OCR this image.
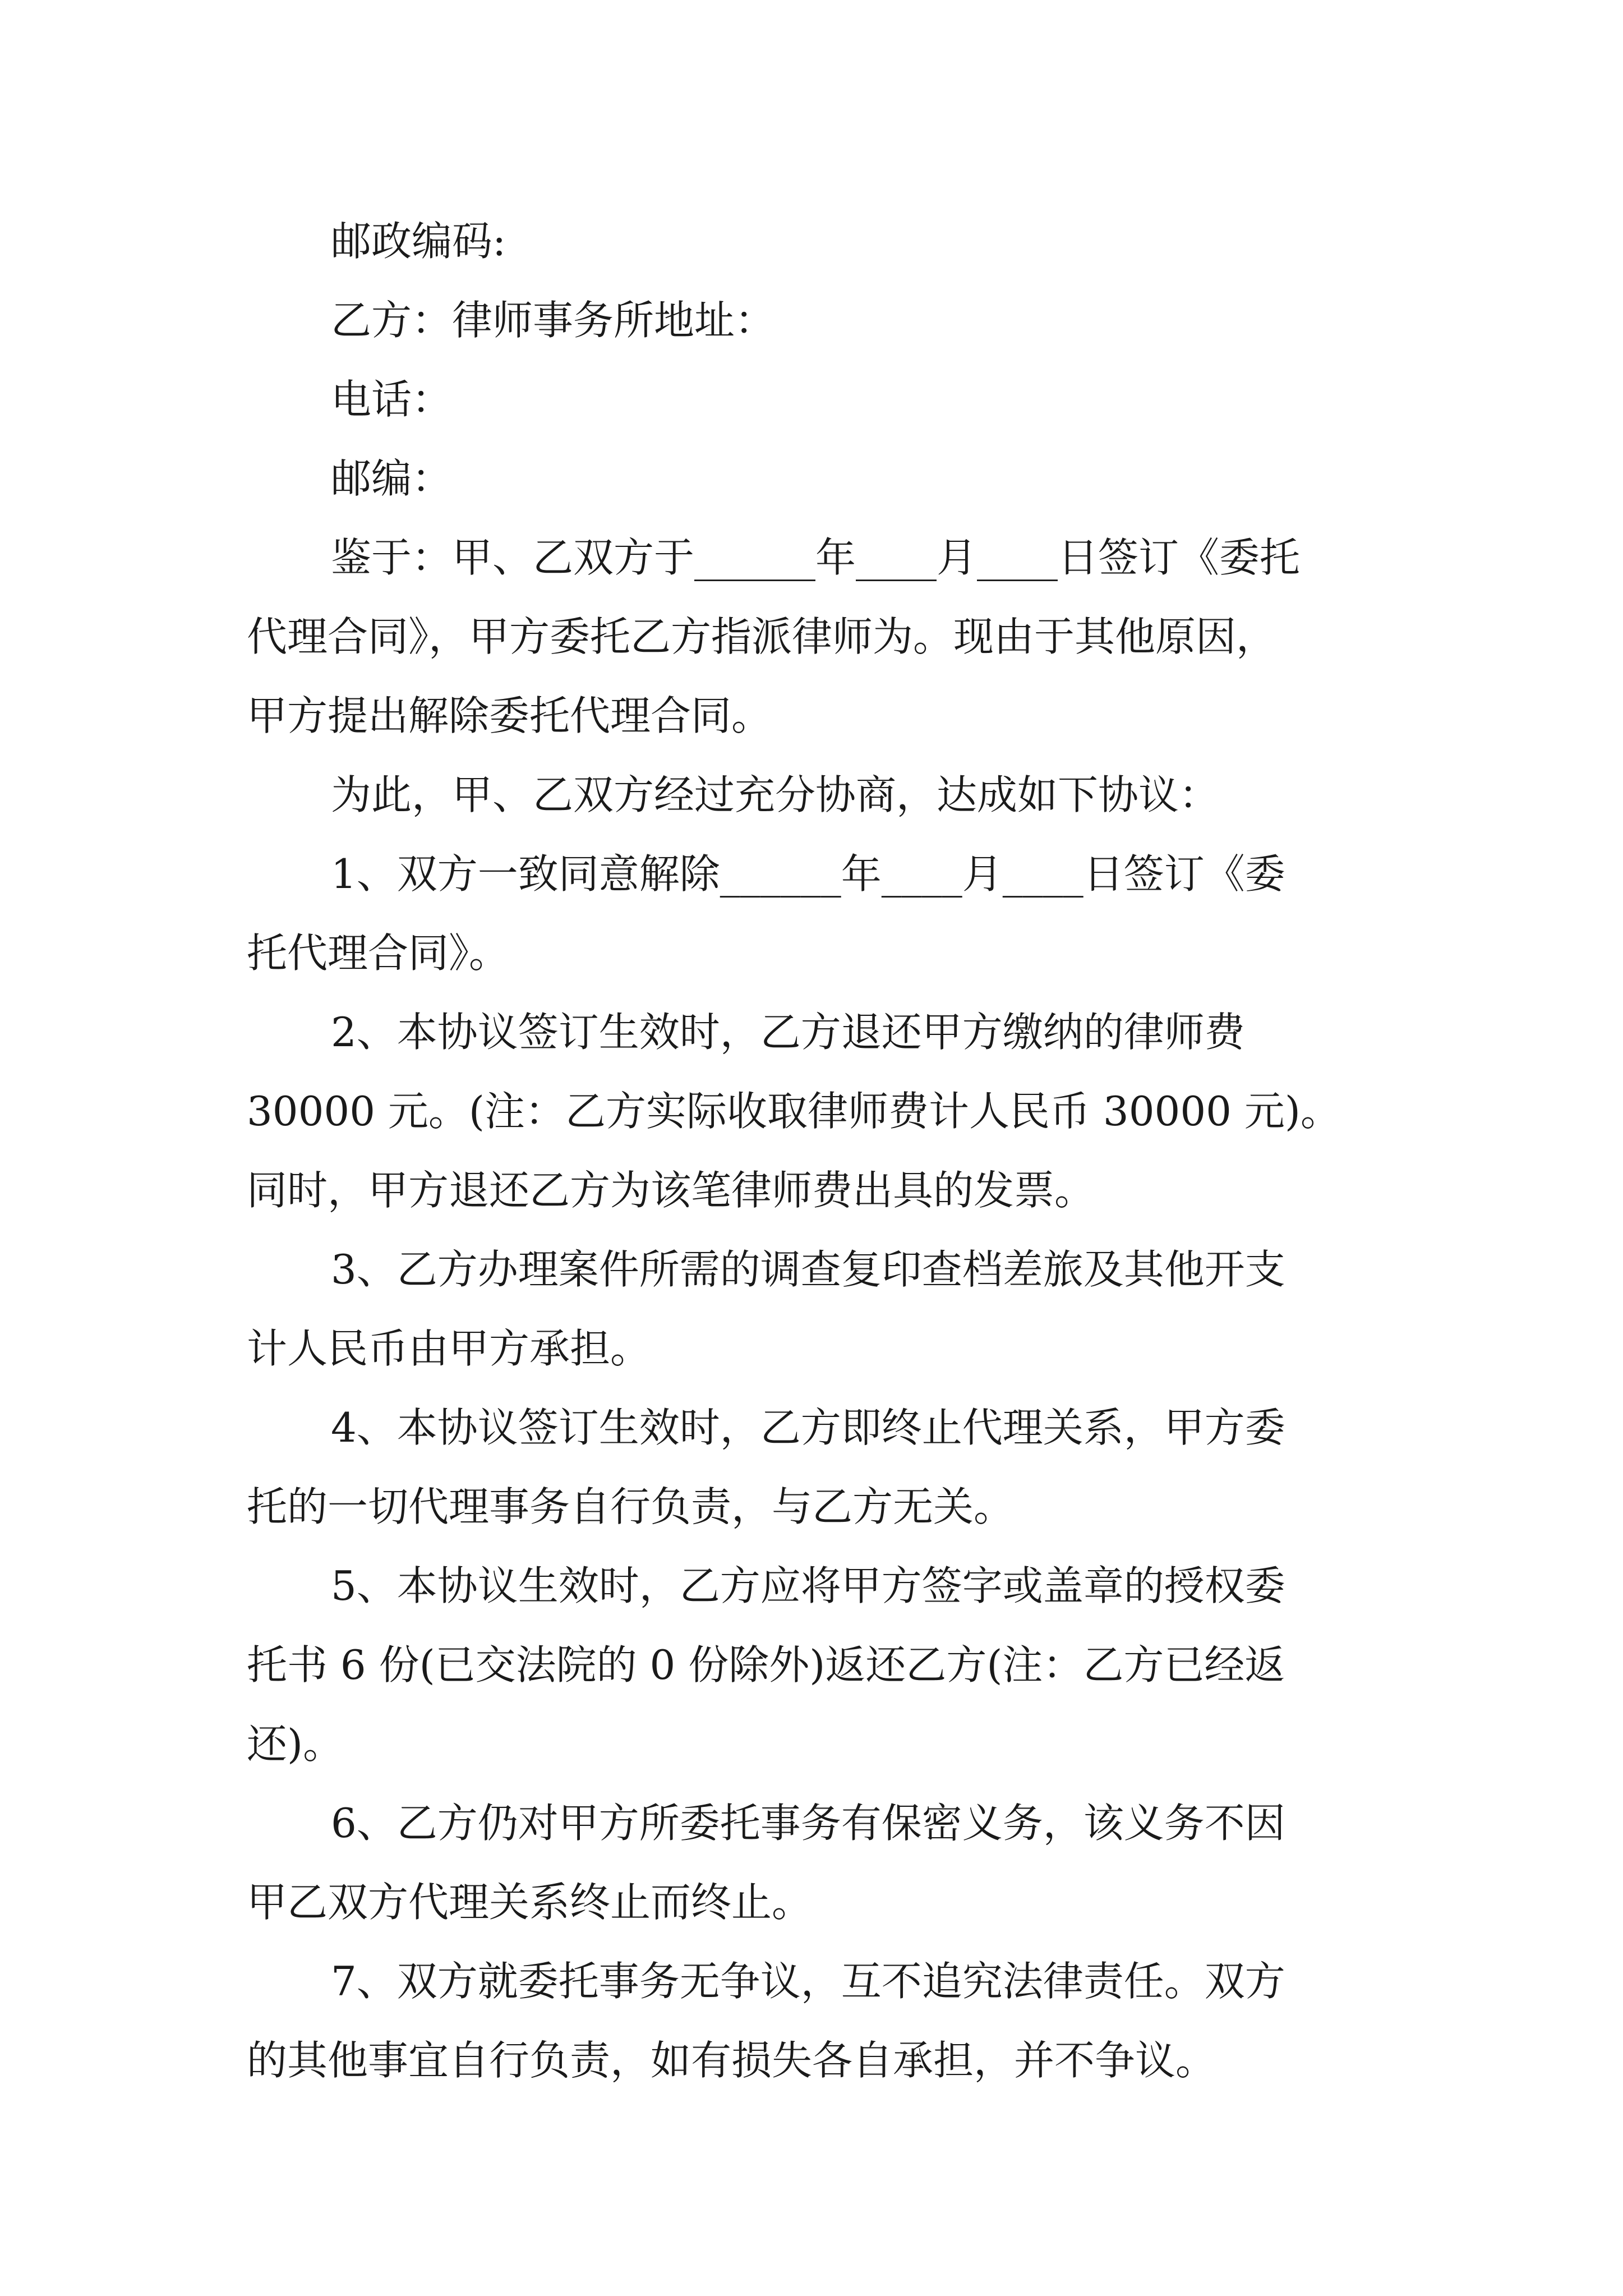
邮政编码:
乙方：律师事务所地址：
电话：
邮编：
鉴于：甲、乙双方于______年____月____日签订《委托
代理合同》，甲方委托乙方指派律师为。现由于其他原因，
甲方提出解除委托代理合同。
为此，甲、乙双方经过充分协商，达成如下协议：
1、双方一致同意解除______年____月____日签订《委
托代理合同》。
2、本协议签订生效时，乙方退还甲方缴纳的律师费
30000 元。(注：乙方实际收取律师费计人民币 30000 元)。
同时，甲方退还乙方为该笔律师费出具的发票。
3、乙方办理案件所需的调查复印查档差旅及其他开支
计人民币由甲方承担。
4、本协议签订生效时，乙方即终止代理关系，甲方委
托的一切代理事务自行负责，与乙方无关。
5、本协议生效时，乙方应将甲方签字或盖章的授权委
托书 6 份(已交法院的 0 份除外)返还乙方(注：乙方已经返
还)。
6、乙方仍对甲方所委托事务有保密义务，该义务不因
甲乙双方代理关系终止而终止。
7、双方就委托事务无争议，互不追究法律责任。双方
的其他事宜自行负责，如有损失各自承担，并不争议。
